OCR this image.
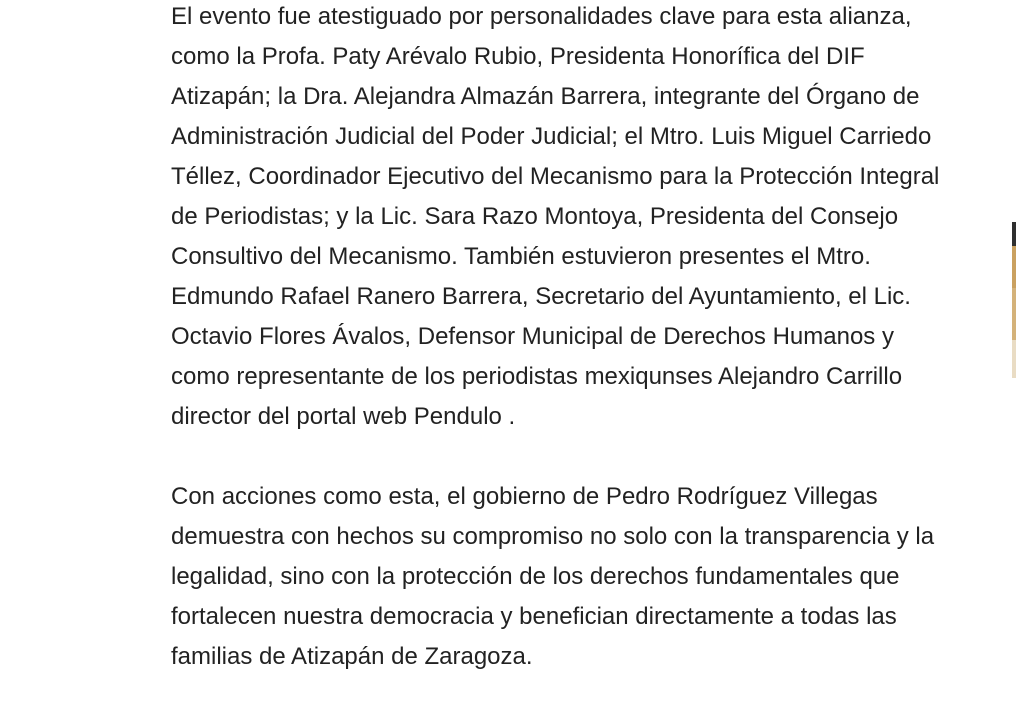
El evento fue atestiguado por personalidades clave para esta alianza, como la Profa. Paty Arévalo Rubio, Presidenta Honorífica del DIF Atizapán; la Dra. Alejandra Almazán Barrera, integrante del Órgano de Administración Judicial del Poder Judicial; el Mtro. Luis Miguel Carriedo Téllez, Coordinador Ejecutivo del Mecanismo para la Protección Integral de Periodistas; y la Lic. Sara Razo Montoya, Presidenta del Consejo Consultivo del Mecanismo. También estuvieron presentes el Mtro. Edmundo Rafael Ranero Barrera, Secretario del Ayuntamiento, el Lic. Octavio Flores Ávalos, Defensor Municipal de Derechos Humanos y como representante de los periodistas mexiqunses Alejandro Carrillo director del portal web Pendulo .

Con acciones como esta, el gobierno de Pedro Rodríguez Villegas demuestra con hechos su compromiso no solo con la transparencia y la legalidad, sino con la protección de los derechos fundamentales que fortalecen nuestra democracia y benefician directamente a todas las familias de Atizapán de Zaragoza.
